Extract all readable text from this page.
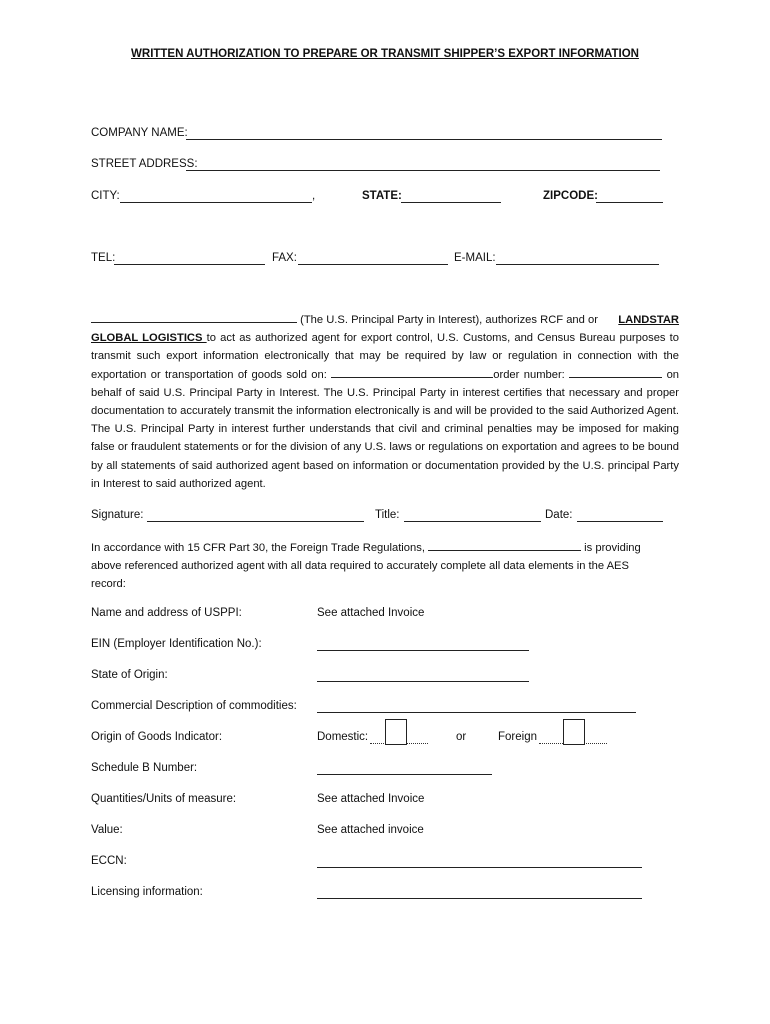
WRITTEN AUTHORIZATION TO PREPARE OR TRANSMIT SHIPPER’S EXPORT INFORMATION
COMPANY NAME:
STREET ADDRESS:
CITY:	,	STATE:	ZIPCODE:
TEL:	FAX:	E-MAIL:
(The U.S. Principal Party in Interest), authorizes RCF and or LANDSTAR
GLOBAL LOGISTICS to act as authorized agent for export control, U.S. Customs, and Census Bureau purposes to transmit such export information electronically that may be required by law or regulation in connection with the exportation or transportation of goods sold on:	order number:	on behalf of said U.S. Principal Party in Interest. The U.S. Principal Party in interest certifies that necessary and proper documentation to accurately transmit the information electronically is and will be provided to the said Authorized Agent. The U.S. Principal Party in interest further understands that civil and criminal penalties may be imposed for making false or fraudulent statements or for the division of any U.S. laws or regulations on exportation and agrees to be bound by all statements of said authorized agent based on information or documentation provided by the U.S. principal Party in Interest to said authorized agent.
Signature:	Title:	Date:
In accordance with 15 CFR Part 30, the Foreign Trade Regulations,	is providing
above referenced authorized agent with all data required to accurately complete all data elements in the AES record:
Name and address of USPPI:	See attached Invoice
EIN (Employer Identification No.):
State of Origin:
Commercial Description of commodities:
Origin of Goods Indicator:	Domestic:	or	Foreign
Schedule B Number:
Quantities/Units of measure:	See attached Invoice
Value:	See attached invoice
ECCN:
Licensing information:
